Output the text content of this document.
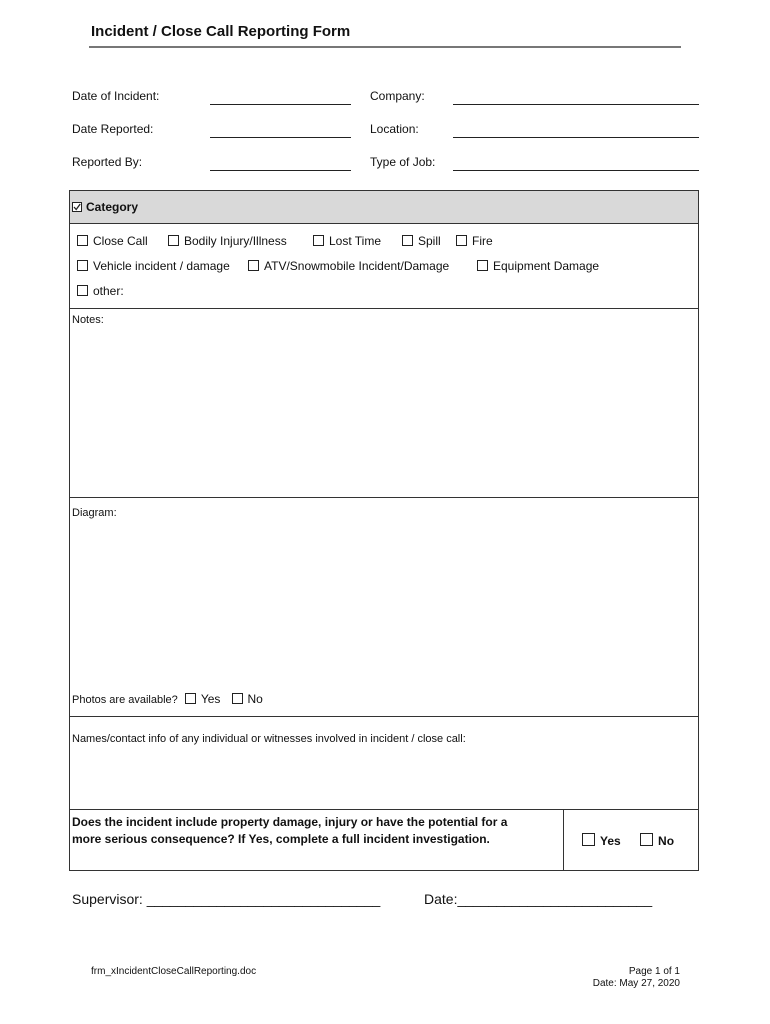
Incident / Close Call Reporting Form
Date of Incident:	Company:
Date Reported:	Location:
Reported By:	Type of Job:
Category
Close Call	Bodily Injury/Illness	Lost Time	Spill	Fire
Vehicle incident / damage	ATV/Snowmobile Incident/Damage	Equipment Damage
other:
Notes:
Diagram:
Photos are available? Yes No
Names/contact info of any individual or witnesses involved in incident / close call:
Does the incident include property damage, injury or have the potential for a
more serious consequence? If Yes, complete a full incident investigation.	Yes	No
Supervisor: ______________________________	Date:_________________________
frm_xIncidentCloseCallReporting.doc	Page 1 of 1
Date: May 27, 2020
